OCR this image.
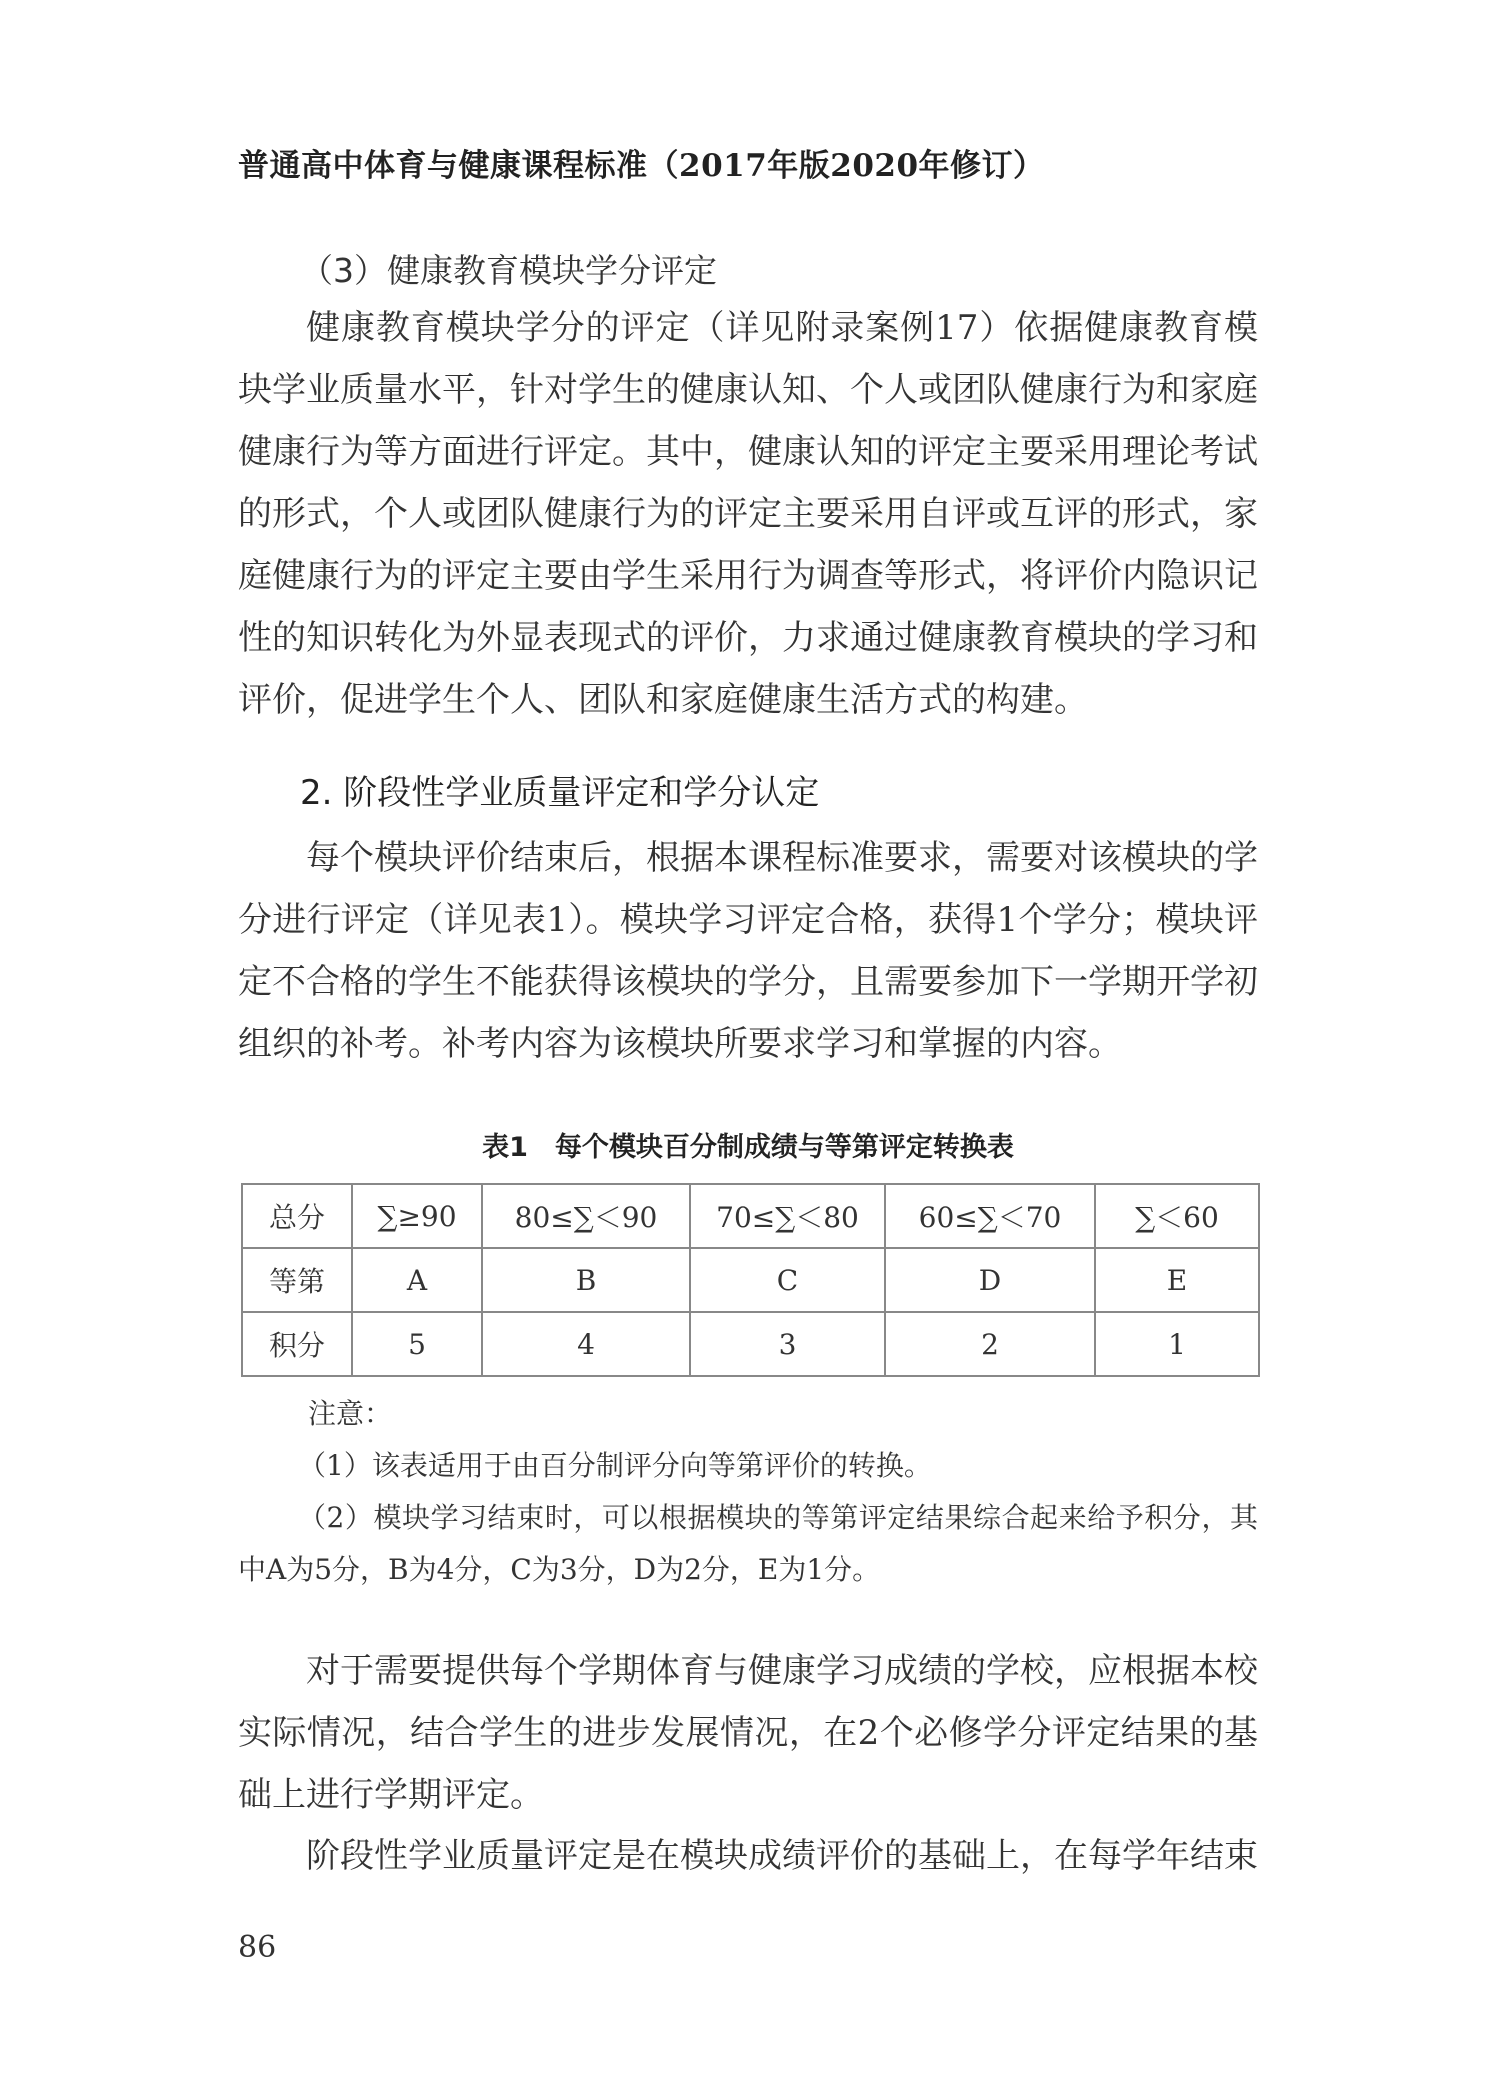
普通高中体育与健康课程标准（2017年版2020年修订）
（3）健康教育模块学分评定

健康教育模块学分的评定（详见附录案例17）依据健康教育模块学业质量水平，针对学生的健康认知、个人或团队健康行为和家庭健康行为等方面进行评定。其中，健康认知的评定主要采用理论考试的形式，个人或团队健康行为的评定主要采用自评或互评的形式，家庭健康行为的评定主要由学生采用行为调查等形式，将评价内隐识记性的知识转化为外显表现式的评价，力求通过健康教育模块的学习和评价，促进学生个人、团队和家庭健康生活方式的构建。

2. 阶段性学业质量评定和学分认定

每个模块评价结束后，根据本课程标准要求，需要对该模块的学分进行评定（详见表1）。模块学习评定合格，获得1个学分；模块评定不合格的学生不能获得该模块的学分，且需要参加下一学期开学初组织的补考。补考内容为该模块所要求学习和掌握的内容。

表1　每个模块百分制成绩与等第评定转换表
总分	∑≥90	80≤∑＜90	70≤∑＜80	60≤∑＜70	∑＜60
等第	A	B	C	D	E
积分	5	4	3	2	1

注意：

（1）该表适用于由百分制评分向等第评价的转换。

（2）模块学习结束时，可以根据模块的等第评定结果综合起来给予积分，其中A为5分，B为4分，C为3分，D为2分，E为1分。

对于需要提供每个学期体育与健康学习成绩的学校，应根据本校实际情况，结合学生的进步发展情况，在2个必修学分评定结果的基础上进行学期评定。

阶段性学业质量评定是在模块成绩评价的基础上，在每学年结束

86
